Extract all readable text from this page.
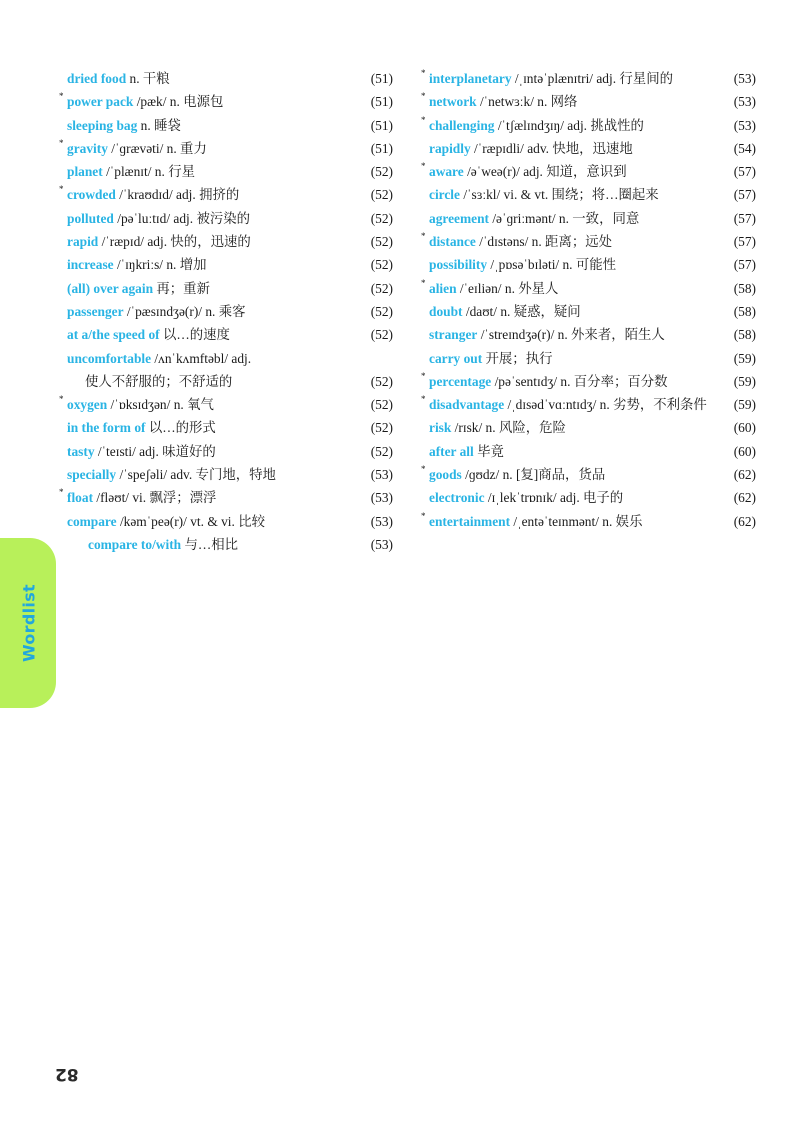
Wordlist
dried food n. 干粮	(51)
* power pack /pæk/ n. 电源包	(51)
sleeping bag n. 睡袋	(51)
* gravity /ˈɡrævəti/ n. 重力	(51)
planet /ˈplænɪt/ n. 行星	(52)
* crowded /ˈkraʊdɪd/ adj. 拥挤的	(52)
polluted /pəˈluːtɪd/ adj. 被污染的	(52)
rapid /ˈræpɪd/ adj. 快的，迅速的	(52)
increase /ˈɪŋkriːs/ n. 增加	(52)
(all) over again 再；重新	(52)
passenger /ˈpæsɪndʒə(r)/ n. 乘客	(52)
at a/the speed of 以…的速度	(52)
uncomfortable /ʌnˈkʌmftəbl/ adj.
使人不舒服的；不舒适的	(52)
* oxygen /ˈɒksɪdʒən/ n. 氧气	(52)
in the form of 以…的形式	(52)
tasty /ˈteɪsti/ adj. 味道好的	(52)
specially /ˈspeʃəli/ adv. 专门地，特地	(53)
* float /fləʊt/ vi. 飘浮；漂浮	(53)
compare /kəmˈpeə(r)/ vt. & vi. 比较	(53)
compare to/with 与…相比	(53)
* interplanetary /ˌɪntəˈplænɪtri/ adj. 行星间的	(53)
* network /ˈnetwɜːk/ n. 网络	(53)
* challenging /ˈtʃælɪndʒɪŋ/ adj. 挑战性的	(53)
rapidly /ˈræpɪdli/ adv. 快地，迅速地	(54)
* aware /əˈweə(r)/ adj. 知道，意识到	(57)
circle /ˈsɜːkl/ vi. & vt. 围绕；将…圈起来	(57)
agreement /əˈɡriːmənt/ n. 一致，同意	(57)
* distance /ˈdɪstəns/ n. 距离；远处	(57)
possibility /ˌpɒsəˈbɪləti/ n. 可能性	(57)
* alien /ˈeɪliən/ n. 外星人	(58)
doubt /daʊt/ n. 疑惑，疑问	(58)
stranger /ˈstreɪndʒə(r)/ n. 外来者，陌生人	(58)
carry out 开展；执行	(59)
* percentage /pəˈsentɪdʒ/ n. 百分率；百分数	(59)
* disadvantage /ˌdɪsədˈvɑːntɪdʒ/ n. 劣势，不利条件 (59)
risk /rɪsk/ n. 风险，危险	(60)
after all 毕竟	(60)
* goods /ɡʊdz/ n. [复]商品，货品	(62)
electronic /ɪˌlekˈtrɒnɪk/ adj. 电子的	(62)
* entertainment /ˌentəˈteɪnmənt/ n. 娱乐	(62)
82
